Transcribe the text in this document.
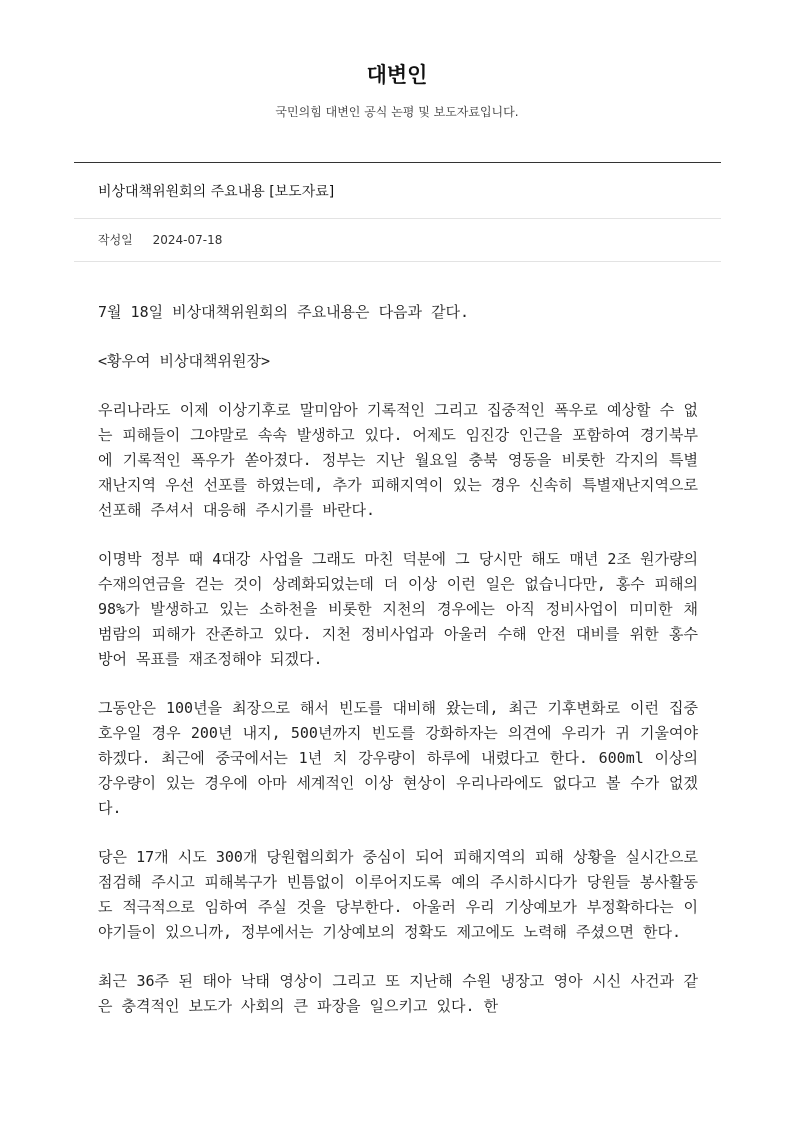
대변인
국민의힘 대변인 공식 논평 및 보도자료입니다.
비상대책위원회의 주요내용 [보도자료]
작성일 2024-07-18

7월 18일 비상대책위원회의 주요내용은 다음과 같다.

<황우여 비상대책위원장>

우리나라도 이제 이상기후로 말미암아 기록적인 그리고 집중적인 폭우로 예상할 수 없는 피해들이 그야말로 속속 발생하고 있다. 어제도 임진강 인근을 포함하여 경기북부에 기록적인 폭우가 쏟아졌다. 정부는 지난 월요일 충북 영동을 비롯한 각지의 특별재난지역 우선 선포를 하였는데, 추가 피해지역이 있는 경우 신속히 특별재난지역으로 선포해 주셔서 대응해 주시기를 바란다.

이명박 정부 때 4대강 사업을 그래도 마친 덕분에 그 당시만 해도 매년 2조 원가량의 수재의연금을 걷는 것이 상례화되었는데 더 이상 이런 일은 없습니다만, 홍수 피해의 98%가 발생하고 있는 소하천을 비롯한 지천의 경우에는 아직 정비사업이 미미한 채 범람의 피해가 잔존하고 있다. 지천 정비사업과 아울러 수해 안전 대비를 위한 홍수 방어 목표를 재조정해야 되겠다.

그동안은 100년을 최장으로 해서 빈도를 대비해 왔는데, 최근 기후변화로 이런 집중호우일 경우 200년 내지, 500년까지 빈도를 강화하자는 의견에 우리가 귀 기울여야 하겠다. 최근에 중국에서는 1년 치 강우량이 하루에 내렸다고 한다. 600ml 이상의 강우량이 있는 경우에 아마 세계적인 이상 현상이 우리나라에도 없다고 볼 수가 없겠다.

당은 17개 시도 300개 당원협의회가 중심이 되어 피해지역의 피해 상황을 실시간으로 점검해 주시고 피해복구가 빈틈없이 이루어지도록 예의 주시하시다가 당원들 봉사활동도 적극적으로 임하여 주실 것을 당부한다. 아울러 우리 기상예보가 부정확하다는 이야기들이 있으니까, 정부에서는 기상예보의 정확도 제고에도 노력해 주셨으면 한다.

최근 36주 된 태아 낙태 영상이 그리고 또 지난해 수원 냉장고 영아 시신 사건과 같은 충격적인 보도가 사회의 큰 파장을 일으키고 있다. 한
